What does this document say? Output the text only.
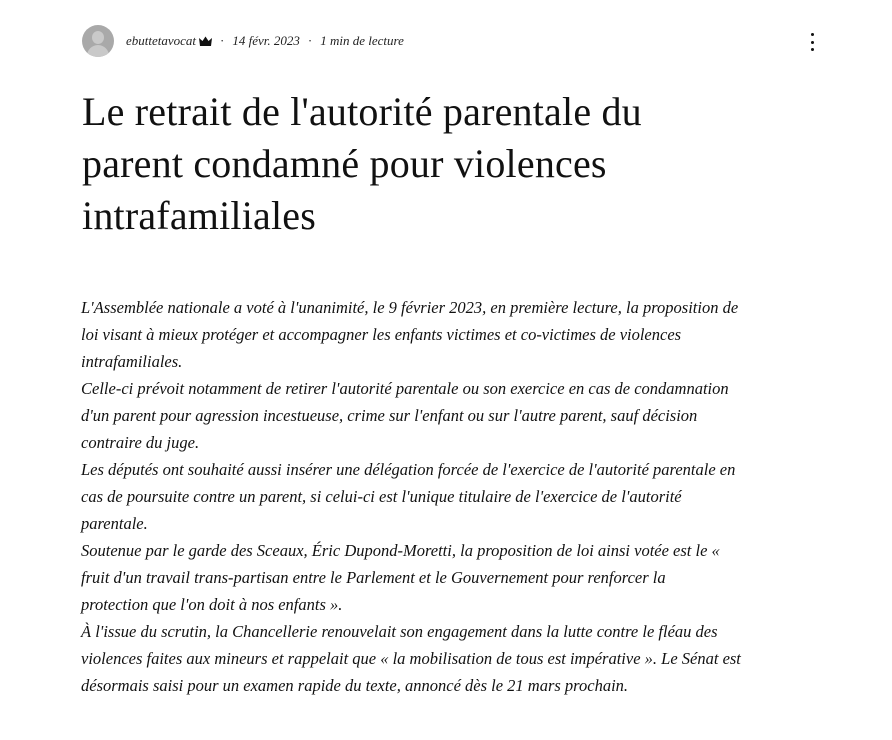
ebuttetavocat · 14 févr. 2023 · 1 min de lecture
Le retrait de l'autorité parentale du
parent condamné pour violences
intrafamiliales
L'Assemblée nationale a voté à l'unanimité, le 9 février 2023, en première lecture, la proposition de
loi visant à mieux protéger et accompagner les enfants victimes et co-victimes de violences
intrafamiliales.
Celle-ci prévoit notamment de retirer l'autorité parentale ou son exercice en cas de condamnation
d'un parent pour agression incestueuse, crime sur l'enfant ou sur l'autre parent, sauf décision
contraire du juge.
Les députés ont souhaité aussi insérer une délégation forcée de l'exercice de l'autorité parentale en
cas de poursuite contre un parent, si celui-ci est l'unique titulaire de l'exercice de l'autorité
parentale.
Soutenue par le garde des Sceaux, Éric Dupond-Moretti, la proposition de loi ainsi votée est le «
fruit d'un travail trans-partisan entre le Parlement et le Gouvernement pour renforcer la
protection que l'on doit à nos enfants ».
À l'issue du scrutin, la Chancellerie renouvelait son engagement dans la lutte contre le fléau des
violences faites aux mineurs et rappelait que « la mobilisation de tous est impérative ». Le Sénat est
désormais saisi pour un examen rapide du texte, annoncé dès le 21 mars prochain.
